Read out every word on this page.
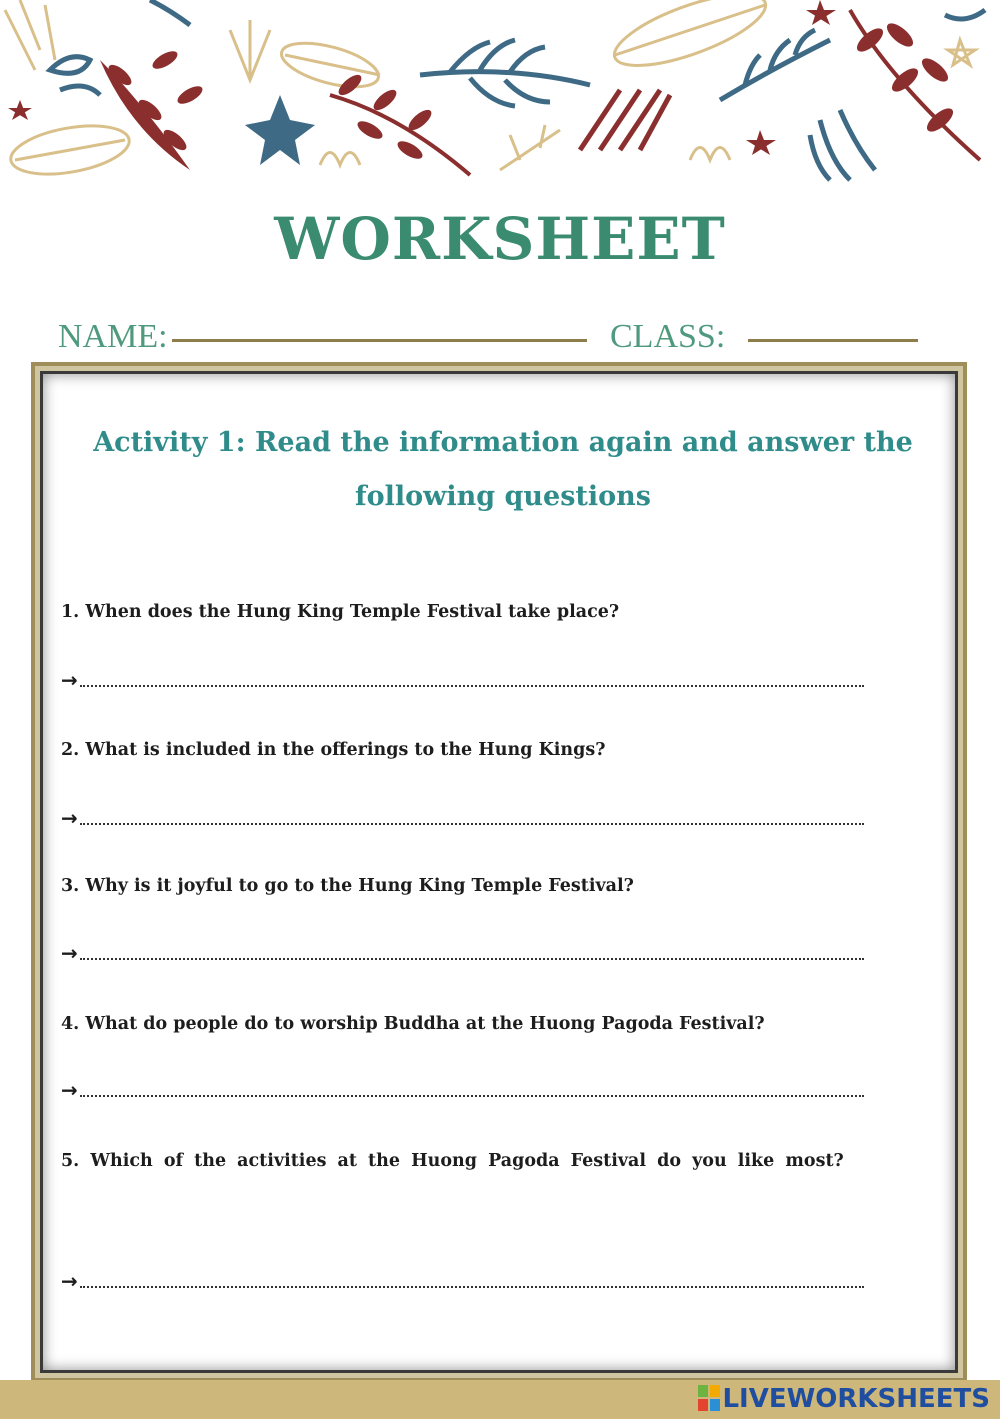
WORKSHEET
NAME:	CLASS:
Activity 1: Read the information again and answer the following questions
1. When does the Hung King Temple Festival take place?
→
2. What is included in the offerings to the Hung Kings?
→
3. Why is it joyful to go to the Hung King Temple Festival?
→
4. What do people do to worship Buddha at the Huong Pagoda Festival?
→
5. Which of the activities at the Huong Pagoda Festival do you like most?
→
LIVEWORKSHEETS
